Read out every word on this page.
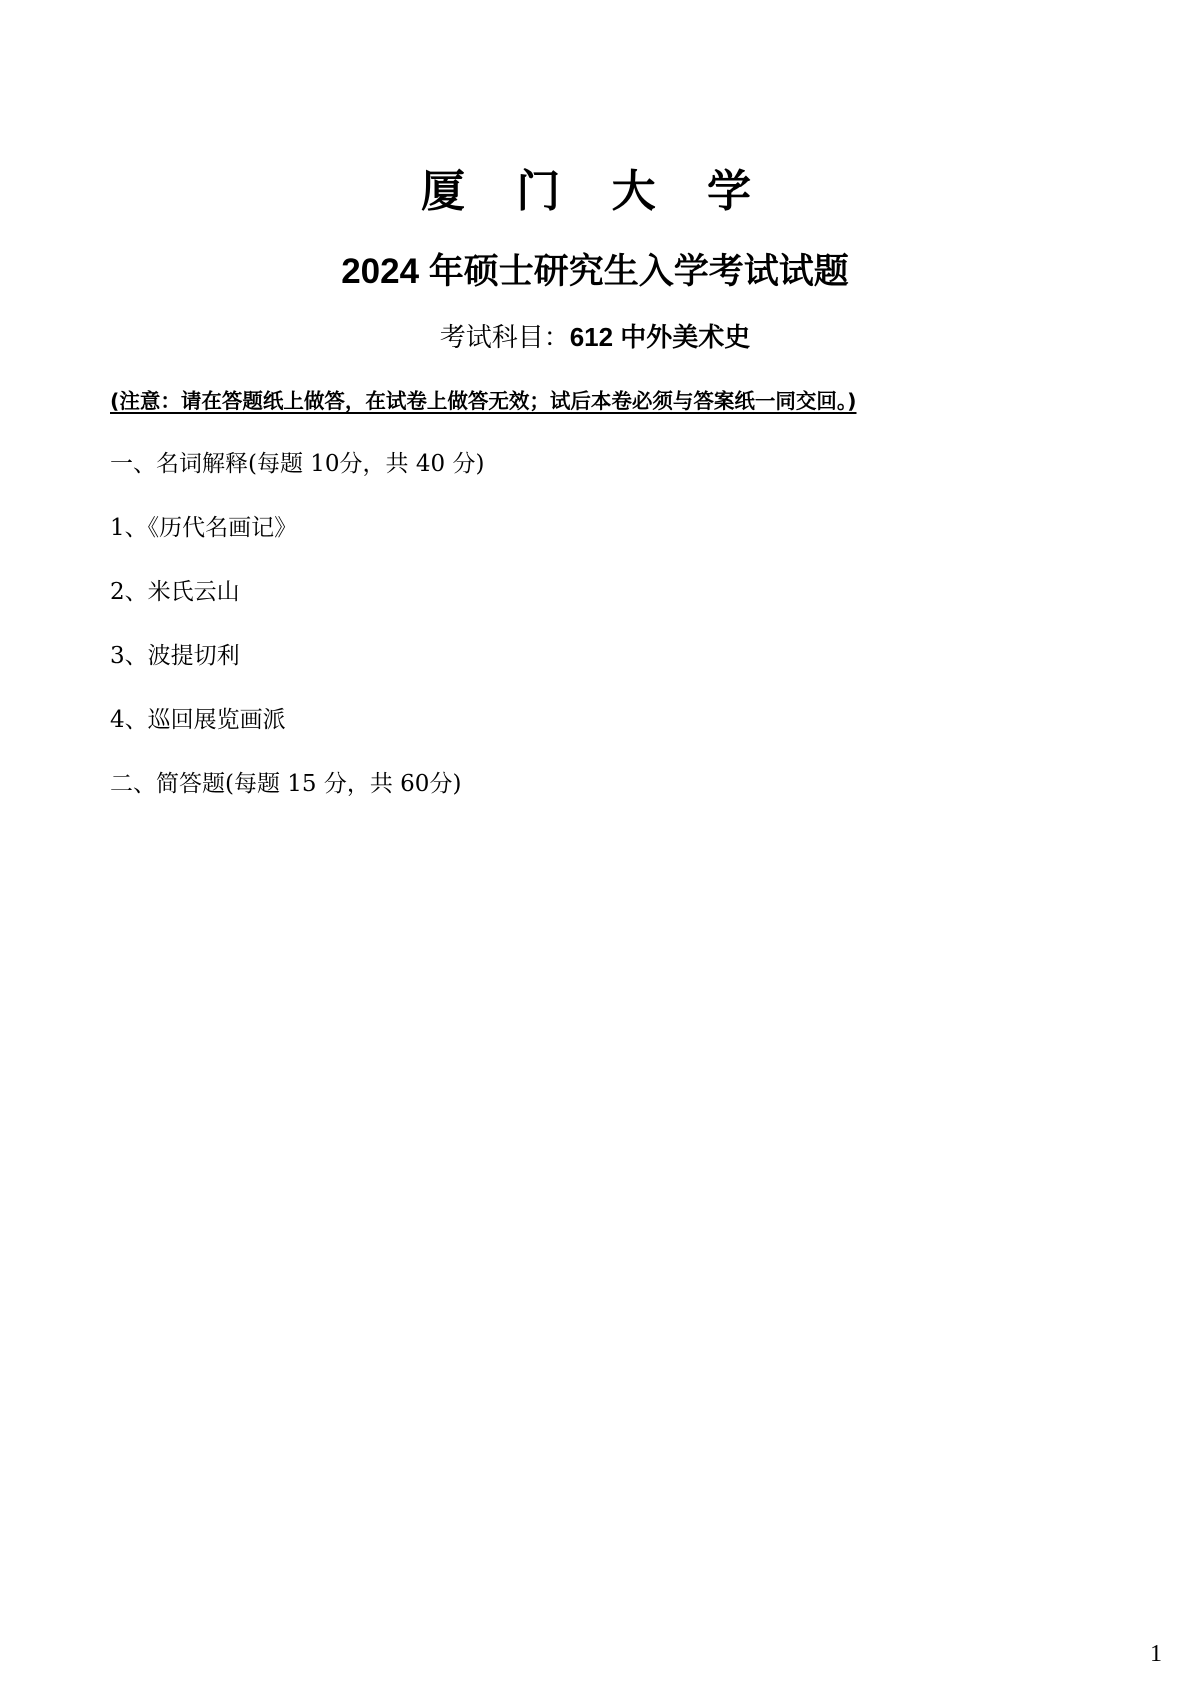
厦 门 大 学
2024 年硕士研究生入学考试试题
考试科目：612 中外美术史
(注意：请在答题纸上做答，在试卷上做答无效；试后本卷必须与答案纸一同交回。)
一、名词解释(每题 10分，共 40 分)
1、《历代名画记》
2、米氏云山
3、波提切利
4、巡回展览画派
二、简答题(每题 15 分，共 60分)
1
